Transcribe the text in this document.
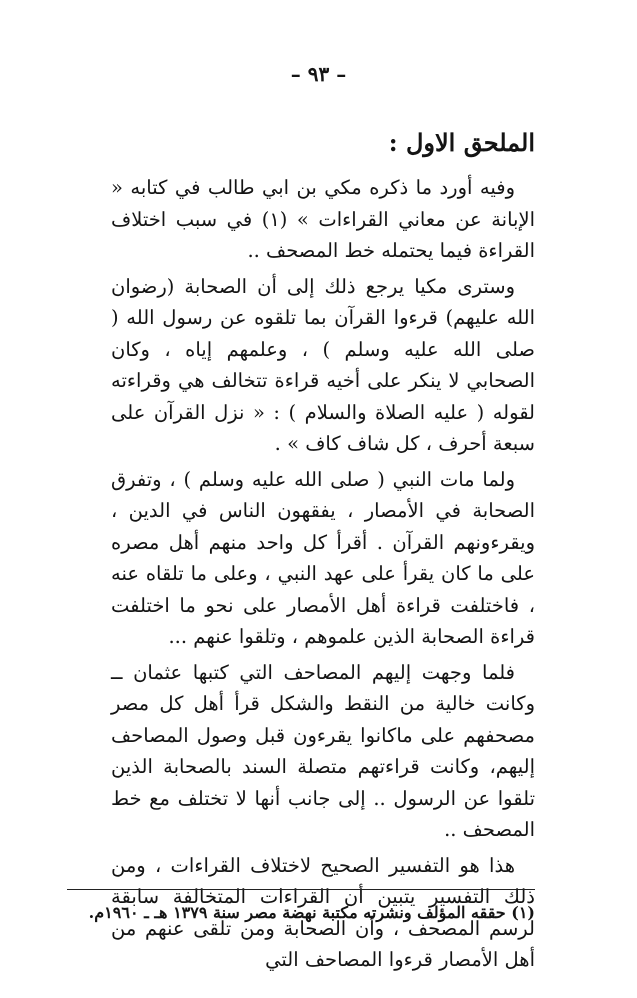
– ٩٣ –
الملحق الاول :

وفيه أورد ما ذكره مكي بن ابي طالب في كتابه « الإبانة عن معاني القراءات » (١) في سبب اختلاف القراءة فيما يحتمله خط المصحف ..

وسترى مكيا يرجع ذلك إلى أن الصحابة (رضوان الله عليهم) قرءوا القرآن بما تلقوه عن رسول الله ( صلى الله عليه وسلم ) ، وعلمهم إياه ، وكان الصحابي لا ينكر على أخيه قراءة تتخالف هي وقراءته لقوله ( عليه الصلاة والسلام ) : « نزل القرآن على سبعة أحرف ، كل شاف كاف » .

ولما مات النبي ( صلى الله عليه وسلم ) ، وتفرق الصحابة في الأمصار ، يفقهون الناس في الدين ، ويقرءونهم القرآن . أقرأ كل واحد منهم أهل مصره على ما كان يقرأ على عهد النبي ، وعلى ما تلقاه عنه ، فاختلفت قراءة أهل الأمصار على نحو ما اختلفت قراءة الصحابة الذين علموهم ، وتلقوا عنهم ...

فلما وجهت إليهم المصاحف التي كتبها عثمان ــ وكانت خالية من النقط والشكل قرأ أهل كل مصر مصحفهم على ماكانوا يقرءون قبل وصول المصاحف إليهم، وكانت قراءتهم متصلة السند بالصحابة الذين تلقوا عن الرسول .. إلى جانب أنها لا تختلف مع خط المصحف ..

هذا هو التفسير الصحيح لاختلاف القراءات ، ومن ذلك التفسير يتبين أن القراءات المتخالفة سابقة لرسم المصحف ، وأن الصحابة ومن تلقى عنهم من أهل الأمصار قرءوا المصاحف التي

(١) حققه المؤلف ونشرته مكتبة نهضة مصر سنة ١٣٧٩ هـ ـ ١٩٦٠م.
